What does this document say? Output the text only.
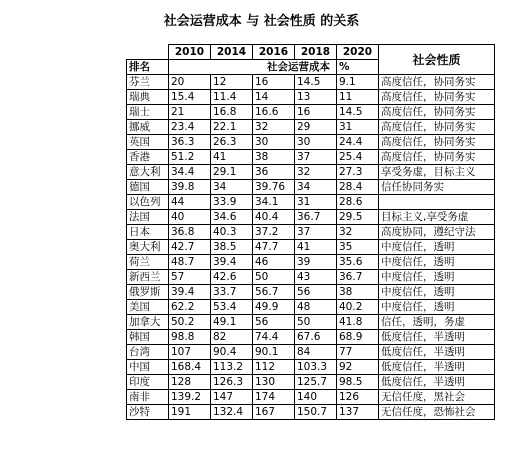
社会运营成本 与 社会性质 的关系
	2010	2014	2016	2018	2020	社会性质
排名	社会运营成本				%	
芬兰	20	12	16	14.5	9.1	高度信任，协同务实
瑞典	15.4	11.4	14	13	11	高度信任，协同务实
瑞士	21	16.8	16.6	16	14.5	高度信任，协同务实
挪威	23.4	22.1	32	29	31	高度信任，协同务实
英国	36.3	26.3	30	30	24.4	高度信任，协同务实
香港	51.2	41	38	37	25.4	高度信任，协同务实
意大利	34.4	29.1	36	32	27.3	享受务虚，目标主义
德国	39.8	34	39.76	34	28.4	信任协同务实
以色列	44	33.9	34.1	31	28.6	
法国	40	34.6	40.4	36.7	29.5	目标主义,享受务虚
日本	36.8	40.3	37.2	37	32	高度协同，遵纪守法
奥大利	42.7	38.5	47.7	41	35	中度信任，透明
荷兰	48.7	39.4	46	39	35.6	中度信任，透明
新西兰	57	42.6	50	43	36.7	中度信任，透明
俄罗斯	39.4	33.7	56.7	56	38	中度信任，透明
美国	62.2	53.4	49.9	48	40.2	中度信任，透明
加拿大	50.2	49.1	56	50	41.8	信任，透明，务虚
韩国	98.8	82	74.4	67.6	68.9	低度信任，半透明
台湾	107	90.4	90.1	84	77	低度信任，半透明
中国	168.4	113.2	112	103.3	92	低度信任，半透明
印度	128	126.3	130	125.7	98.5	低度信任，半透明
南非	139.2	147	174	140	126	无信任度，黑社会
沙特	191	132.4	167	150.7	137	无信任度，恐怖社会
